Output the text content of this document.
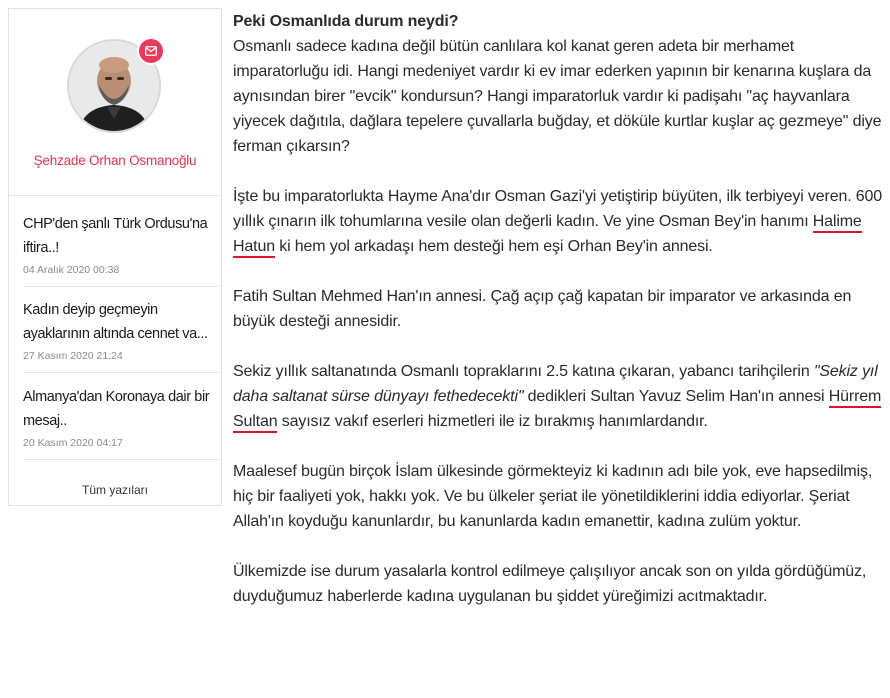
Şehzade Orhan Osmanoğlu
CHP'den şanlı Türk Ordusu'na iftira..!
04 Aralık 2020 00:38
Kadın deyip geçmeyin ayaklarının altında cennet va...
27 Kasım 2020 21:24
Almanya'dan Koronaya dair bir mesaj..
20 Kasım 2020 04:17
Tüm yazıları

Peki Osmanlıda durum neydi?

Osmanlı sadece kadına değil bütün canlılara kol kanat geren adeta bir merhamet imparatorluğu idi. Hangi medeniyet vardır ki ev imar ederken yapının bir kenarına kuşlara da aynısından birer "evcik" kondursun? Hangi imparatorluk vardır ki padişahı "aç hayvanlara yiyecek dağıtıla, dağlara tepelere çuvallarla buğday, et döküle kurtlar kuşlar aç gezmeye" diye ferman çıkarsın?

İşte bu imparatorlukta Hayme Ana'dır Osman Gazi'yi yetiştirip büyüten, ilk terbiyeyi veren. 600 yıllık çınarın ilk tohumlarına vesile olan değerli kadın. Ve yine Osman Bey'in hanımı Halime Hatun ki hem yol arkadaşı hem desteği hem eşi Orhan Bey'in annesi.

Fatih Sultan Mehmed Han'ın annesi. Çağ açıp çağ kapatan bir imparator ve arkasında en büyük desteği annesidir.

Sekiz yıllık saltanatında Osmanlı topraklarını 2.5 katına çıkaran, yabancı tarihçilerin "Sekiz yıl daha saltanat sürse dünyayı fethedecekti" dedikleri Sultan Yavuz Selim Han'ın annesi Hürrem Sultan sayısız vakıf eserleri hizmetleri ile iz bırakmış hanımlardandır.

Maalesef bugün birçok İslam ülkesinde görmekteyiz ki kadının adı bile yok, eve hapsedilmiş, hiç bir faaliyeti yok, hakkı yok. Ve bu ülkeler şeriat ile yönetildiklerini iddia ediyorlar. Şeriat Allah'ın koyduğu kanunlardır, bu kanunlarda kadın emanettir, kadına zulüm yoktur.

Ülkemizde ise durum yasalarla kontrol edilmeye çalışılıyor ancak son on yılda gördüğümüz, duyduğumuz haberlerde kadına uygulanan bu şiddet yüreğimizi acıtmaktadır.
